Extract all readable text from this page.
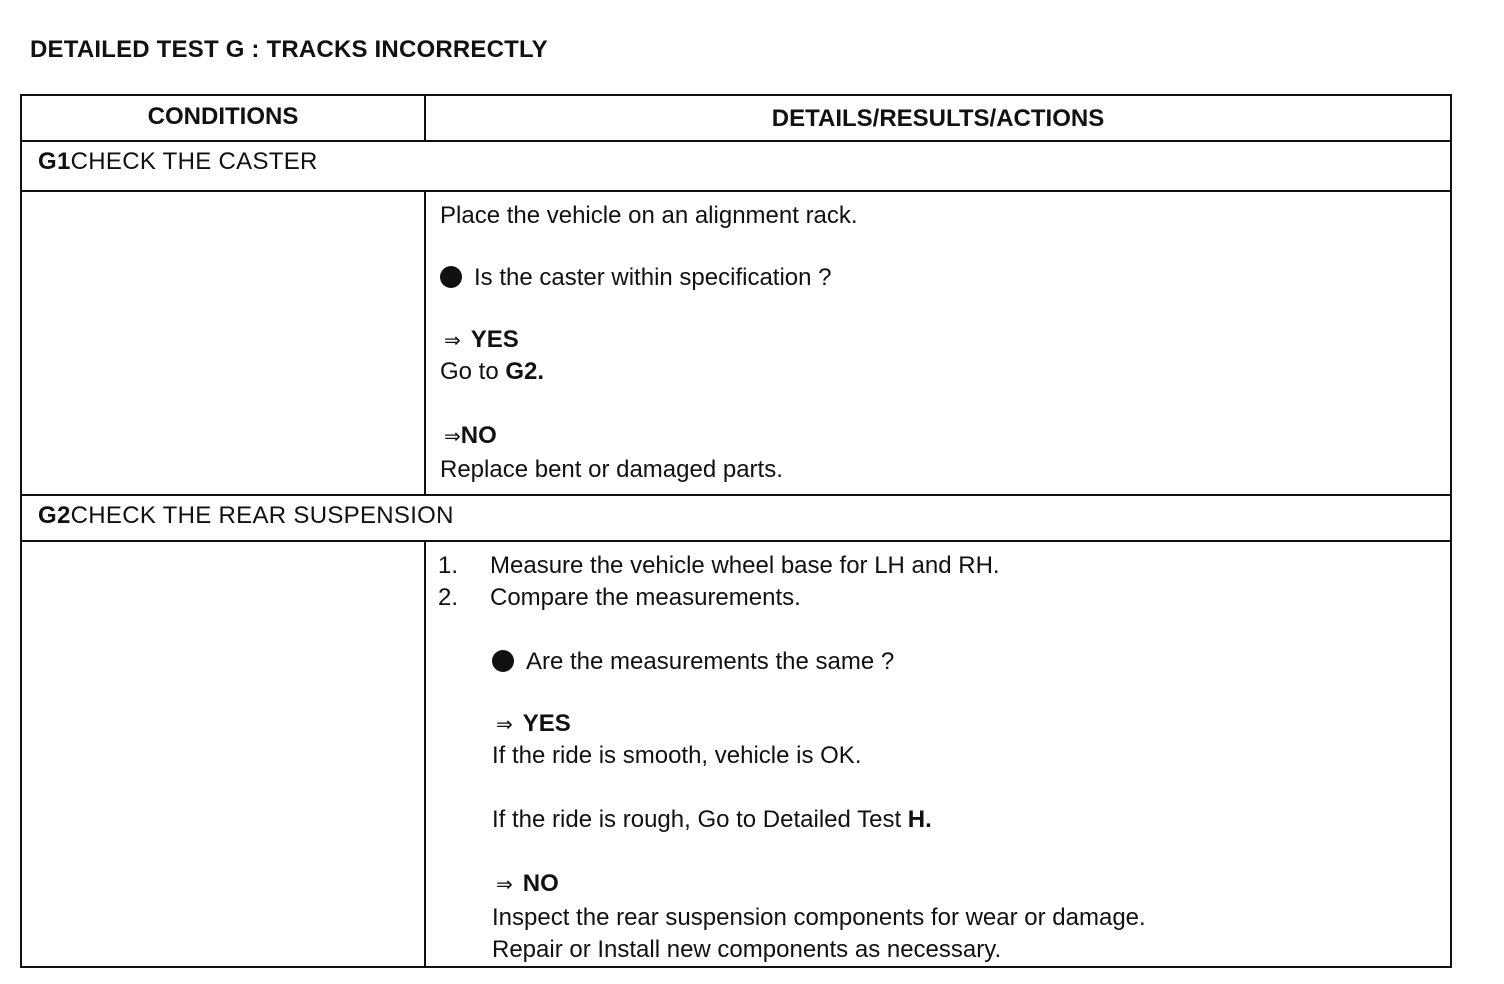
DETAILED TEST G : TRACKS INCORRECTLY
CONDITIONS	DETAILS/RESULTS/ACTIONS
G1CHECK THE CASTER
Place the vehicle on an alignment rack.
Is the caster within specification ?
⇒ YES
Go to G2.
⇒NO
Replace bent or damaged parts.
G2CHECK THE REAR SUSPENSION
1. Measure the vehicle wheel base for LH and RH.
2. Compare the measurements.
Are the measurements the same ?
⇒ YES
If the ride is smooth, vehicle is OK.
If the ride is rough, Go to Detailed Test H.
⇒ NO
Inspect the rear suspension components for wear or damage.
Repair or Install new components as necessary.
